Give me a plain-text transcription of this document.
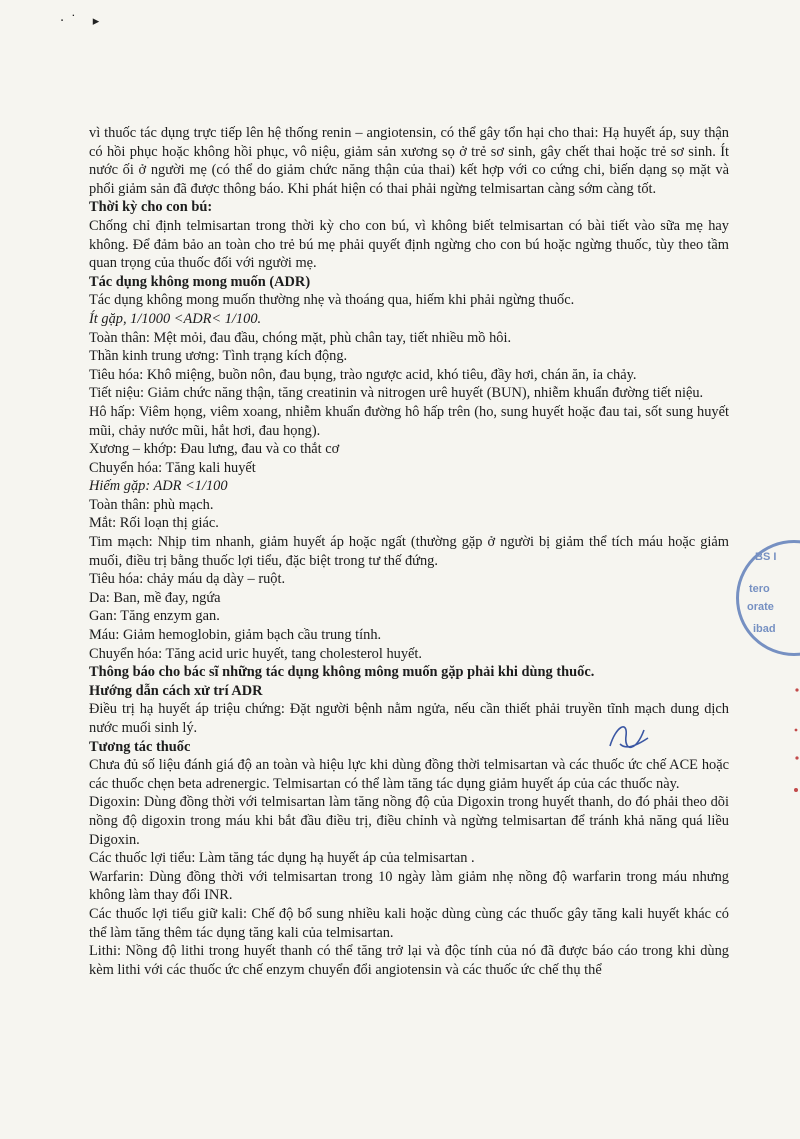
·˙ ▸

vì thuốc tác dụng trực tiếp lên hệ thống renin – angiotensin, có thể gây tổn hại cho thai: Hạ huyết áp, suy thận có hồi phục hoặc không hồi phục, vô niệu, giảm sản xương sọ ở trẻ sơ sinh, gây chết thai hoặc trẻ sơ sinh. Ít nước ối ở người mẹ (có thể do giảm chức năng thận của thai) kết hợp với co cứng chi, biến dạng sọ mặt và phổi giảm sản đã được thông báo. Khi phát hiện có thai phải ngừng telmisartan càng sớm càng tốt.

Thời kỳ cho con bú:

Chống chỉ định telmisartan trong thời kỳ cho con bú, vì không biết telmisartan có bài tiết vào sữa mẹ hay không. Để đảm bảo an toàn cho trẻ bú mẹ phải quyết định ngừng cho con bú hoặc ngừng thuốc, tùy theo tầm quan trọng của thuốc đối với người mẹ.

Tác dụng không mong muốn (ADR)

Tác dụng không mong muốn thường nhẹ và thoáng qua, hiếm khi phải ngừng thuốc.

Ít gặp, 1/1000 <ADR< 1/100.

Toàn thân: Mệt mỏi, đau đầu, chóng mặt, phù chân tay, tiết nhiều mồ hôi.

Thần kinh trung ương: Tình trạng kích động.

Tiêu hóa: Khô miệng, buồn nôn, đau bụng, trào ngược acid, khó tiêu, đầy hơi, chán ăn, ỉa chảy.

Tiết niệu: Giảm chức năng thận, tăng creatinin và nitrogen urê huyết (BUN), nhiễm khuẩn đường tiết niệu.

Hô hấp: Viêm họng, viêm xoang, nhiễm khuẩn đường hô hấp trên (ho, sung huyết hoặc đau tai, sốt sung huyết mũi, chảy nước mũi, hắt hơi, đau họng).

Xương – khớp: Đau lưng, đau và co thắt cơ

Chuyển hóa: Tăng kali huyết

Hiếm gặp: ADR <1/100

Toàn thân: phù mạch.

Mắt: Rối loạn thị giác.

Tim mạch: Nhịp tim nhanh, giảm huyết áp hoặc ngất (thường gặp ở người bị giảm thể tích máu hoặc giảm muối, điều trị bằng thuốc lợi tiểu, đặc biệt trong tư thế đứng.

Tiêu hóa: chảy máu dạ dày – ruột.

Da: Ban, mề đay, ngứa

Gan: Tăng enzym gan.

Máu: Giảm hemoglobin, giảm bạch cầu trung tính.

Chuyển hóa: Tăng acid uric huyết, tang cholesterol huyết.

Thông báo cho bác sĩ những tác dụng không mông muốn gặp phải khi dùng thuốc.

Hướng dẫn cách xử trí ADR

Điều trị hạ huyết áp triệu chứng: Đặt người bệnh nằm ngửa, nếu cần thiết phải truyền tĩnh mạch dung dịch nước muối sinh lý.

Tương tác thuốc

Chưa đủ số liệu đánh giá độ an toàn và hiệu lực khi dùng đồng thời telmisartan và các thuốc ức chế ACE hoặc các thuốc chẹn beta adrenergic. Telmisartan có thể làm tăng tác dụng giảm huyết áp của các thuốc này.

Digoxin: Dùng đồng thời với telmisartan làm tăng nồng độ của Digoxin trong huyết thanh, do đó phải theo dõi nồng độ digoxin trong máu khi bắt đầu điều trị, điều chỉnh và ngừng telmisartan để tránh khả năng quá liều Digoxin.

Các thuốc lợi tiểu: Làm tăng tác dụng hạ huyết áp của telmisartan .

Warfarin: Dùng đồng thời với telmisartan trong 10 ngày làm giảm nhẹ nồng độ warfarin trong máu nhưng không làm thay đổi INR.

Các thuốc lợi tiểu giữ kali: Chế độ bổ sung nhiều kali hoặc dùng cùng các thuốc gây tăng kali huyết khác có thể làm tăng thêm tác dụng tăng kali của telmisartan.

Lithi: Nồng độ lithi trong huyết thanh có thể tăng trở lại và độc tính của nó đã được báo cáo trong khi dùng kèm lithi với các thuốc ức chế enzym chuyển đổi angiotensin và các thuốc ức chế thụ thể

BS I
tero
orate
ibad
